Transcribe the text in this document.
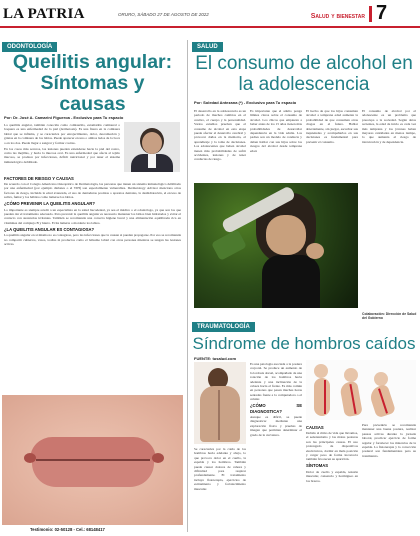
LA PATRIA	ORURO, SÁBADO 27 DE AGOSTO DE 2022	Salud y bienestar 7
ODONTOLOGÍA
Queilitis angular:
Síntomas y
causas
Por: Dr. José A. Camarini Figueroa - Exclusivo para Tu espacio

La queilitis angular, también conocida como comisuritis, estomatitis comisural o boquera es una enfermedad de la piel (dermatosis). Es una fisura en la comisura labial que se inflama, y se caracteriza por enrojecimiento, dolor, descamación y grietas en la comisura de los labios. Puede aparecer en uno o ambos lados de la boca o en los dos. Puede llegar a sangrar y formar costras.

En los casos más severos, las lesiones pueden extenderse hacia la piel del rostro, como las mejillas, y hacia la mucosa oral. Es una enfermedad que afecta al tejido mucoso, se produce por infecciones, déficit nutricional y por tener el sistema inmunológico debilitado.

FACTORES DE RIESGO Y CAUSAS

De acuerdo con el Colegio Americano Osteopático de Dermatología, las personas que tienen un sistema inmunológico debilitado por una enfermedad (por ejemplo diabetes o el VIH) son especialmente vulnerables. Dermatology Advisor menciona otros factores de riesgo, incluida la edad avanzada, el uso de dentaduras postizas o aparatos dentales, la deshidratación, el exceso de saliva, fumar y los hábitos como lamerse los labios.

¿CÓMO PREVENIR LA QUEILITIS ANGULAR?

Lo importante es siempre acudir a un especialista en la salud bucodental, ya sea el médico o el odontólogo, ya que son los que pueden dar el tratamiento adecuado. Para prevenir la queilitis angular es necesario mantener los labios bien hidratados y evitar el contacto con sustancias irritantes. También se recomienda una correcta higiene bucal y una alimentación equilibrada rica en vitaminas del complejo B y hierro. Evita lamerte o morderte los labios.

¿LA QUEILITIS ANGULAR ES CONTAGIOSA?

La queilitis angular en sí misma no es contagiosa, pero las infecciones que la causan sí pueden propagarse. Por eso se recomienda no compartir cubiertos, vasos, toallas ni productos como el bálsamo labial con otras personas mientras se tengan las lesiones activas.

Testimonio: 02-50128 - Cel.: 68148417
SALUD
El consumo de alcohol en
la adolescencia
Por: Soledad Antezana (*) - Exclusivo para Tu espacio
El desarrollo en la adolescencia es un período de muchos cambios en el cerebro, el cuerpo y la personalidad. Varios estudios prueban que el consumo de alcohol en esta etapa puede afectar el desarrollo cerebral y provocar daños en la memoria, el aprendizaje y la toma de decisiones. Los adolescentes que beben alcohol tienen más probabilidades de sufrir accidentes, lesiones y de tener conductas de riesgo.
Es importante que el adulto ponga límites claros sobre el consumo de alcohol. Los chicos que empiezan a beber antes de los 15 años tienen más probabilidades de desarrollar dependencia en la vida adulta. Los padres son un modelo de conducta y deben hablar con sus hijos sobre los riesgos del alcohol desde temprana edad.
El hecho de que los hijos consuman alcohol a temprana edad aumenta la probabilidad de que consuman otras drogas en el futuro. Hablar abiertamente, sin juzgar, escuchar sus inquietudes y acompañarlos en sus decisiones es fundamental para prevenir el consumo.
El consumo de alcohol por el adolescente es un problema que preocupa a la sociedad. Según datos recientes, la edad de inicio es cada vez más temprana y los jóvenes beben mayores cantidades en menos tiempo, lo que aumenta el riesgo de intoxicación y de dependencia.
Colaboración: Dirección de Salud del Gobierno
TRAUMATOLOGÍA
Síndrome de hombros caídos
FUENTE: tusalud.com

Es una patología asociada a la postura corporal. Se produce un aumento de la lordosis dorsal, acompañado de una rotación de los hombros hacia adelante y una inclinación de la cabeza hacia el frente. Es más común en personas que pasan muchas horas sentadas frente a la computadora o el celular.

¿CÓMO SE DIAGNOSTICA?

Aunque es difícil, se puede diagnosticar mediante una exploración física y pruebas de imagen que permiten determinar el grado de la curvatura.

Se caracteriza por la caída de los hombros hacia adelante y abajo, lo que provoca dolor en el cuello, la espalda y los hombros. También puede causar dolores de cabeza y dificultad para respirar profundamente. El tratamiento incluye fisioterapia, ejercicios de estiramiento y fortalecimiento muscular.
CAUSAS

Debido al ritmo de vida que llevamos, el sedentarismo y las malas posturas son las principales causas. El uso prolongado de dispositivos electrónicos, dormir en mala posición y cargar peso de forma incorrecta también favorecen su aparición.

SÍNTOMAS

Dolor de cuello y espalda, tensión muscular, cansancio y hormigueo en los brazos.

Para prevenirlo se recomienda mantener una buena postura, realizar pausas activas durante la jornada laboral, practicar ejercicio de forma regular y fortalecer los músculos de la espalda. La fisioterapia y la corrección postural son fundamentales para su tratamiento.
